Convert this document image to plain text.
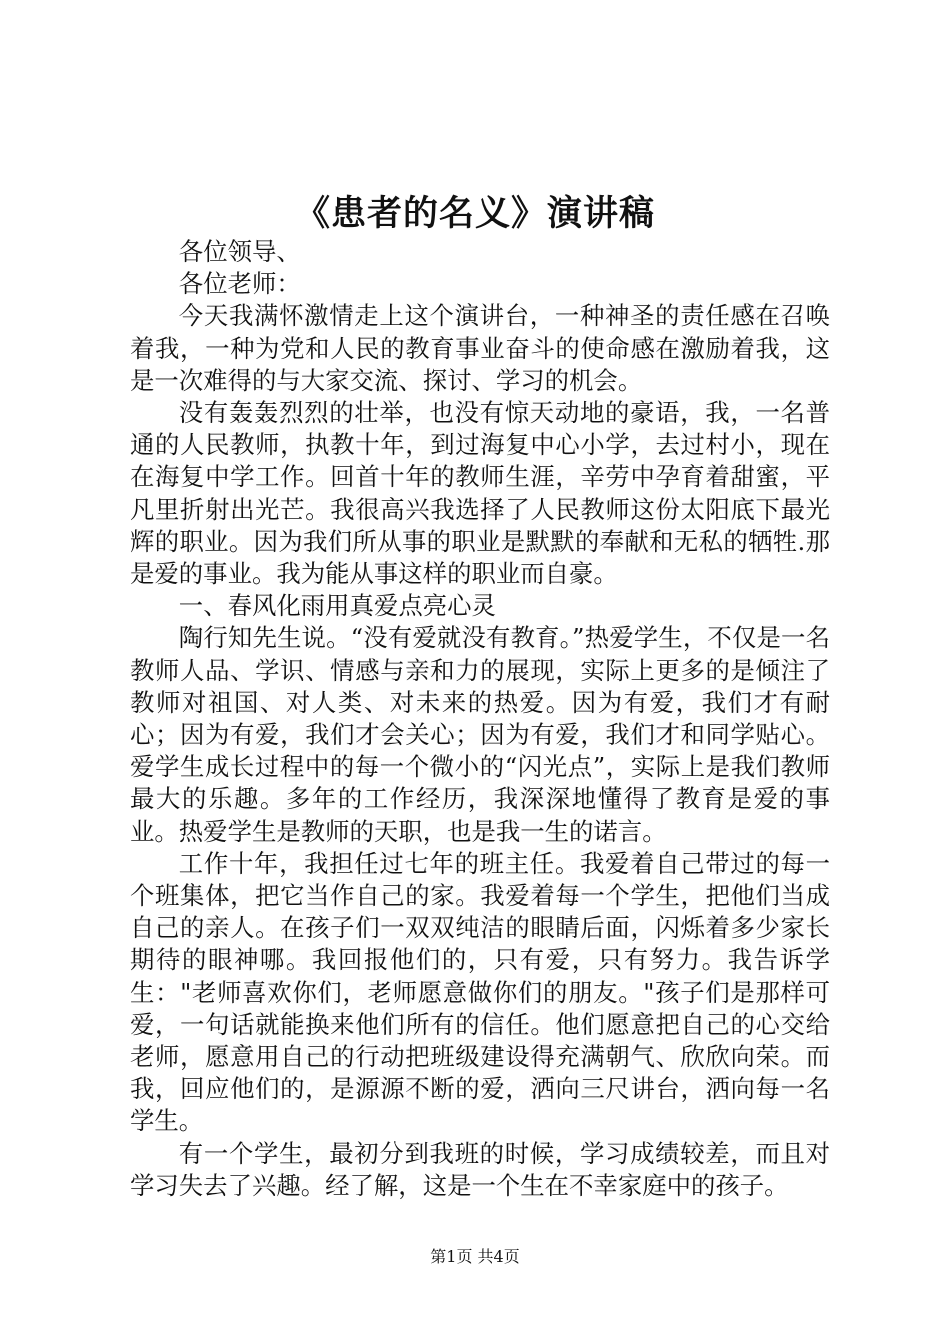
《患者的名义》演讲稿

各位领导、

各位老师：

今天我满怀激情走上这个演讲台，一种神圣的责任感在召唤着我，一种为党和人民的教育事业奋斗的使命感在激励着我，这是一次难得的与大家交流、探讨、学习的机会。

没有轰轰烈烈的壮举，也没有惊天动地的豪语，我，一名普通的人民教师，执教十年，到过海复中心小学，去过村小，现在在海复中学工作。回首十年的教师生涯，辛劳中孕育着甜蜜，平凡里折射出光芒。我很高兴我选择了人民教师这份太阳底下最光辉的职业。因为我们所从事的职业是默默的奉献和无私的牺牲.那是爱的事业。我为能从事这样的职业而自豪。

一、春风化雨用真爱点亮心灵

陶行知先生说。“没有爱就没有教育。”热爱学生，不仅是一名教师人品、学识、情感与亲和力的展现，实际上更多的是倾注了教师对祖国、对人类、对未来的热爱。因为有爱，我们才有耐心；因为有爱，我们才会关心；因为有爱，我们才和同学贴心。爱学生成长过程中的每一个微小的“闪光点”，实际上是我们教师最大的乐趣。多年的工作经历，我深深地懂得了教育是爱的事业。热爱学生是教师的天职，也是我一生的诺言。

工作十年，我担任过七年的班主任。我爱着自己带过的每一个班集体，把它当作自己的家。我爱着每一个学生，把他们当成自己的亲人。在孩子们一双双纯洁的眼睛后面，闪烁着多少家长期待的眼神哪。我回报他们的，只有爱，只有努力。我告诉学生："老师喜欢你们，老师愿意做你们的朋友。"孩子们是那样可爱，一句话就能换来他们所有的信任。他们愿意把自己的心交给老师，愿意用自己的行动把班级建设得充满朝气、欣欣向荣。而我，回应他们的，是源源不断的爱，洒向三尺讲台，洒向每一名学生。

有一个学生，最初分到我班的时候，学习成绩较差，而且对学习失去了兴趣。经了解，这是一个生在不幸家庭中的孩子。

第1页 共4页
